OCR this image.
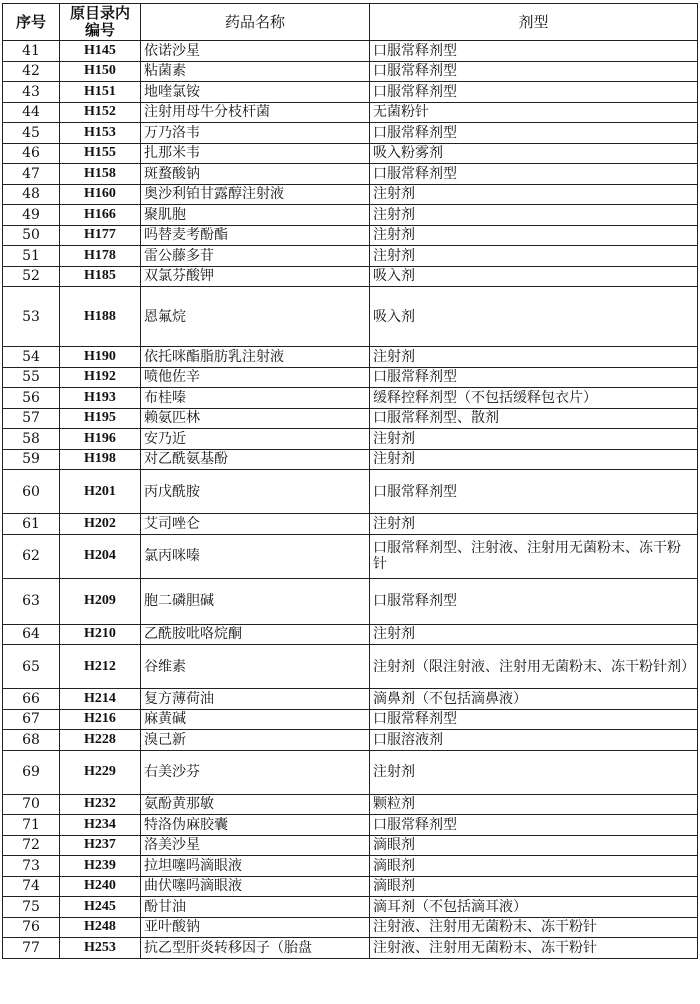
序号	原目录内编号	药品名称	剂型
41	H145	依诺沙星	口服常释剂型
42	H150	粘菌素	口服常释剂型
43	H151	地喹氯铵	口服常释剂型
44	H152	注射用母牛分枝杆菌	无菌粉针
45	H153	万乃洛韦	口服常释剂型
46	H155	扎那米韦	吸入粉雾剂
47	H158	斑蝥酸钠	口服常释剂型
48	H160	奥沙利铂甘露醇注射液	注射剂
49	H166	聚肌胞	注射剂
50	H177	吗替麦考酚酯	注射剂
51	H178	雷公藤多苷	注射剂
52	H185	双氯芬酸钾	吸入剂
53	H188	恩氟烷	吸入剂
54	H190	依托咪酯脂肪乳注射液	注射剂
55	H192	喷他佐辛	口服常释剂型
56	H193	布桂嗪	缓释控释剂型（不包括缓释包衣片）
57	H195	赖氨匹林	口服常释剂型、散剂
58	H196	安乃近	注射剂
59	H198	对乙酰氨基酚	注射剂
60	H201	丙戊酰胺	口服常释剂型
61	H202	艾司唑仑	注射剂
62	H204	氯丙咪嗪	口服常释剂型、注射液、注射用无菌粉末、冻干粉针
63	H209	胞二磷胆碱	口服常释剂型
64	H210	乙酰胺吡咯烷酮	注射剂
65	H212	谷维素	注射剂（限注射液、注射用无菌粉末、冻干粉针剂）
66	H214	复方薄荷油	滴鼻剂（不包括滴鼻液）
67	H216	麻黄碱	口服常释剂型
68	H228	溴己新	口服溶液剂
69	H229	右美沙芬	注射剂
70	H232	氨酚黄那敏	颗粒剂
71	H234	特洛伪麻胶囊	口服常释剂型
72	H237	洛美沙星	滴眼剂
73	H239	拉坦噻吗滴眼液	滴眼剂
74	H240	曲伏噻吗滴眼液	滴眼剂
75	H245	酚甘油	滴耳剂（不包括滴耳液）
76	H248	亚叶酸钠	注射液、注射用无菌粉末、冻干粉针
77	H253	抗乙型肝炎转移因子（胎盘	注射液、注射用无菌粉末、冻干粉针
